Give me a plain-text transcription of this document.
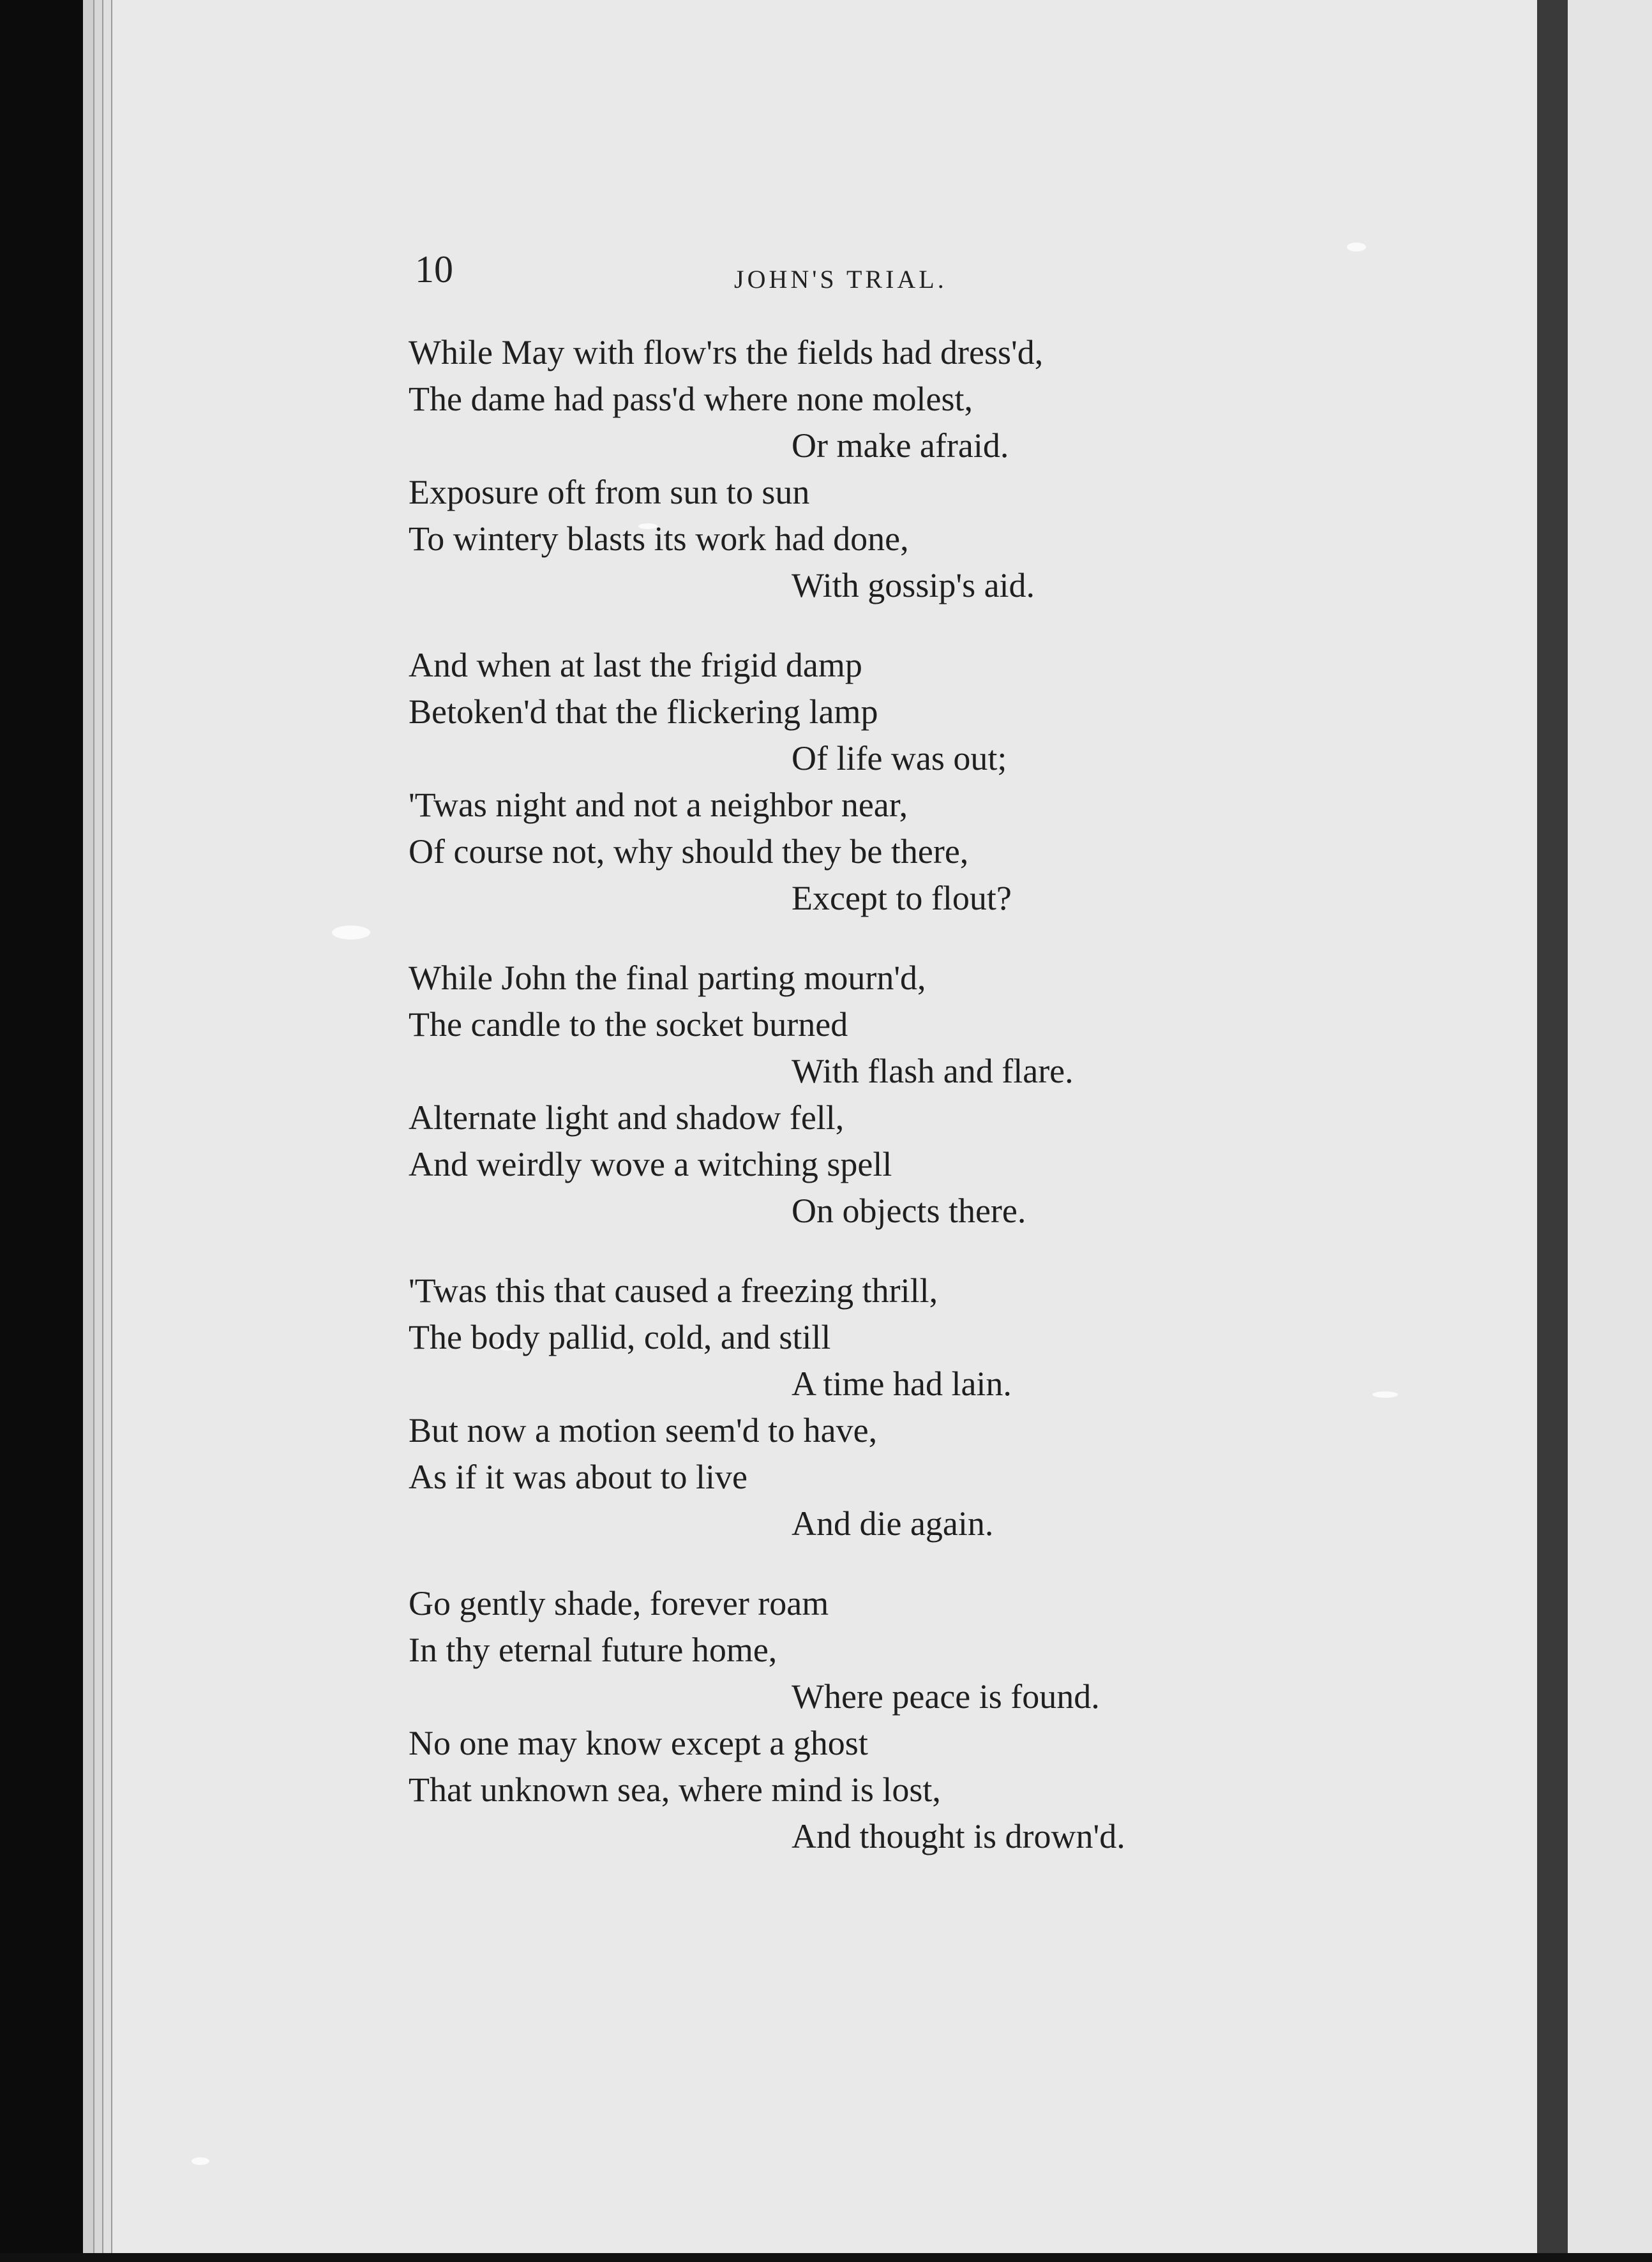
10	JOHN'S TRIAL.
While May with flow'rs the fields had dress'd,
The dame had pass'd where none molest,
Or make afraid.
Exposure oft from sun to sun
To wintery blasts its work had done,
With gossip's aid.
And when at last the frigid damp
Betoken'd that the flickering lamp
Of life was out;
'Twas night and not a neighbor near,
Of course not, why should they be there,
Except to flout?
While John the final parting mourn'd,
The candle to the socket burned
With flash and flare.
Alternate light and shadow fell,
And weirdly wove a witching spell
On objects there.
'Twas this that caused a freezing thrill,
The body pallid, cold, and still
A time had lain.
But now a motion seem'd to have,
As if it was about to live
And die again.
Go gently shade, forever roam
In thy eternal future home,
Where peace is found.
No one may know except a ghost
That unknown sea, where mind is lost,
And thought is drown'd.
